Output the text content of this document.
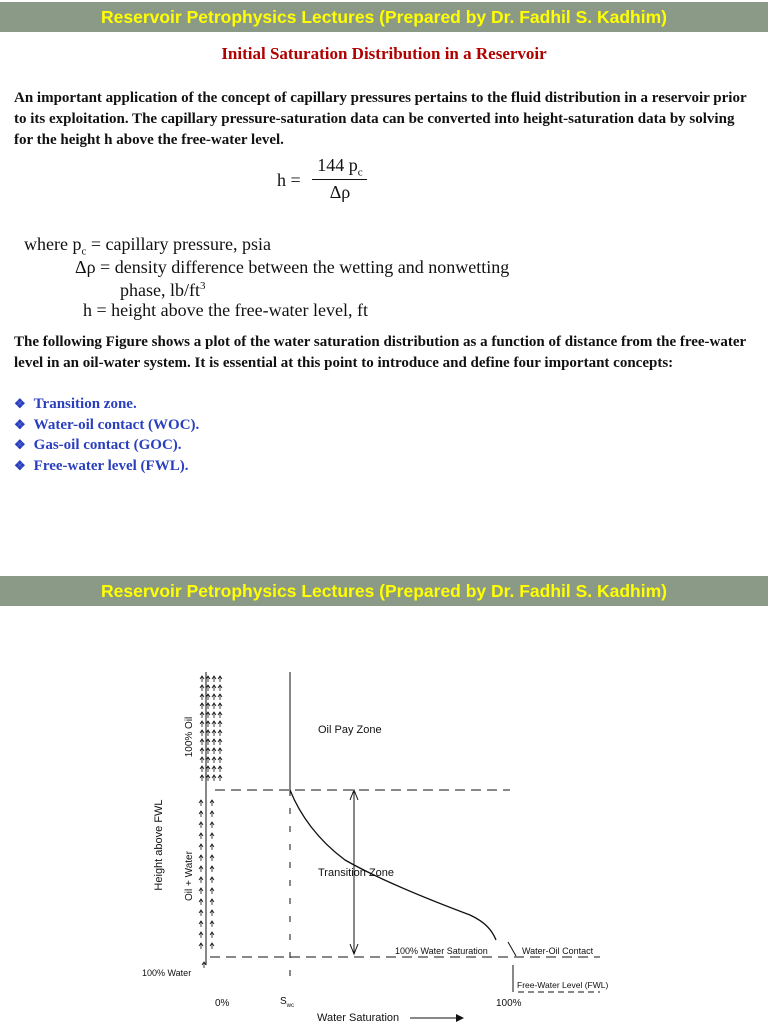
Reservoir Petrophysics Lectures (Prepared by Dr. Fadhil S. Kadhim)
Initial Saturation Distribution in a Reservoir

An important application of the concept of capillary pressures pertains to the fluid distribution in a reservoir prior to its exploitation. The capillary pressure-saturation data can be converted into height-saturation data by solving for the height h above the free-water level.

h =
144 $p_c$
Δρ
where $p_c$ = capillary pressure, psia
Δρ = density difference between the wetting and nonwetting
phase, $lb/ft^3$
h = height above the free-water level, ft

The following Figure shows a plot of the water saturation distribution as a function of distance from the free-water level in an oil-water system. It is essential at this point to introduce and define four important concepts:

❖ Transition zone.
❖ Water-oil contact (WOC).
❖ Gas-oil contact (GOC).
❖ Free-water level (FWL).
Reservoir Petrophysics Lectures (Prepared by Dr. Fadhil S. Kadhim)
Height above FWL
100% Oil
Oil + Water
100% Water
Oil Pay Zone
Transition Zone
100% Water Saturation	Water-Oil Contact
Free-Water Level (FWL)
0%	$S_{wc}$	100%
Water Saturation
